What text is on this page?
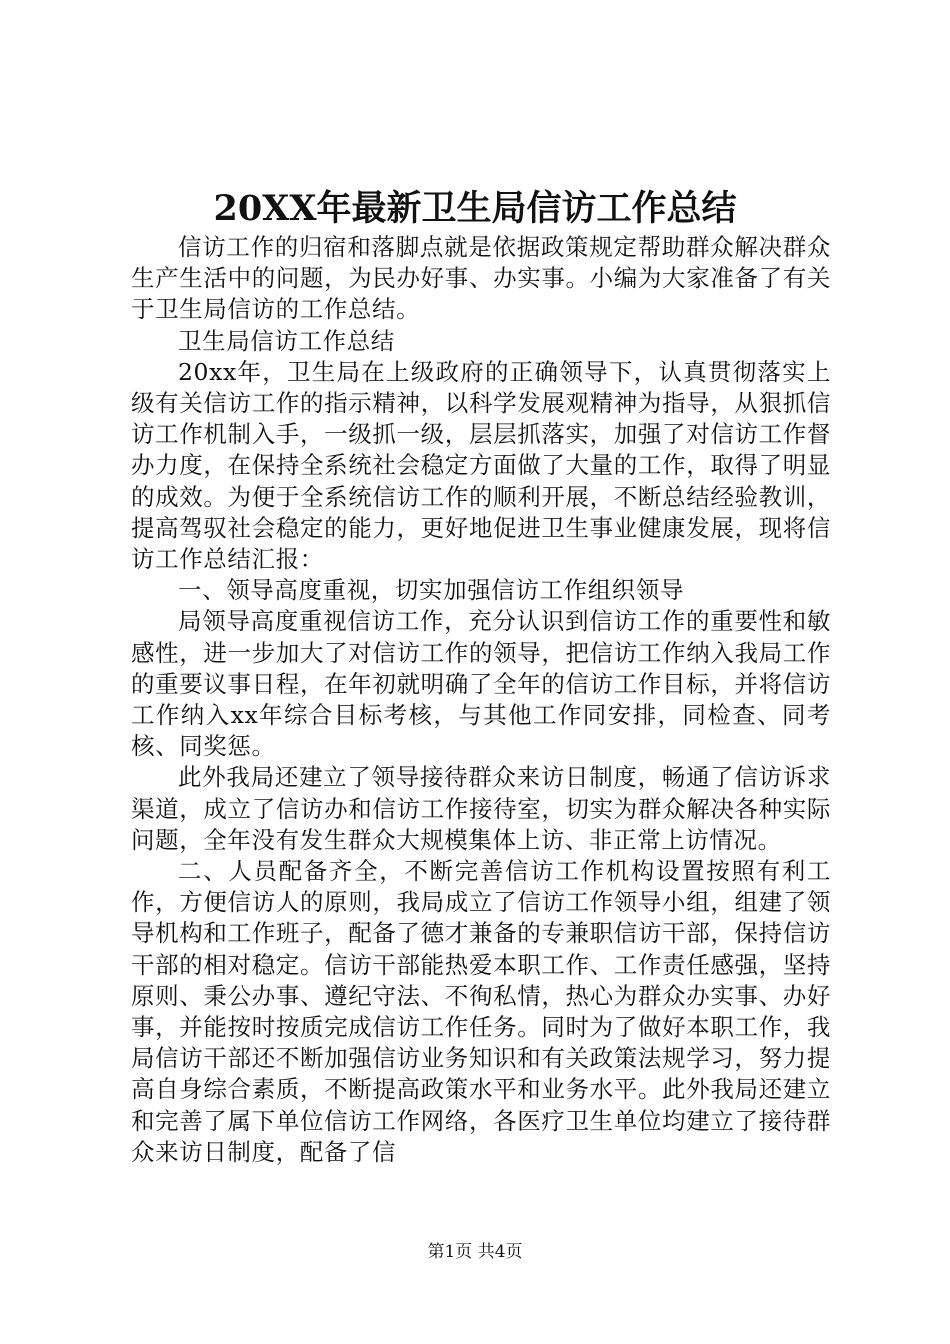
20XX年最新卫生局信访工作总结

信访工作的归宿和落脚点就是依据政策规定帮助群众解决群众生产生活中的问题，为民办好事、办实事。小编为大家准备了有关于卫生局信访的工作总结。

卫生局信访工作总结

20xx年，卫生局在上级政府的正确领导下，认真贯彻落实上级有关信访工作的指示精神，以科学发展观精神为指导，从狠抓信访工作机制入手，一级抓一级，层层抓落实，加强了对信访工作督办力度，在保持全系统社会稳定方面做了大量的工作，取得了明显的成效。为便于全系统信访工作的顺利开展，不断总结经验教训，提高驾驭社会稳定的能力，更好地促进卫生事业健康发展，现将信访工作总结汇报：

一、领导高度重视，切实加强信访工作组织领导

局领导高度重视信访工作，充分认识到信访工作的重要性和敏感性，进一步加大了对信访工作的领导，把信访工作纳入我局工作的重要议事日程，在年初就明确了全年的信访工作目标，并将信访工作纳入xx年综合目标考核，与其他工作同安排，同检查、同考核、同奖惩。

此外我局还建立了领导接待群众来访日制度，畅通了信访诉求渠道，成立了信访办和信访工作接待室，切实为群众解决各种实际问题，全年没有发生群众大规模集体上访、非正常上访情况。

二、人员配备齐全，不断完善信访工作机构设置按照有利工作，方便信访人的原则，我局成立了信访工作领导小组，组建了领导机构和工作班子，配备了德才兼备的专兼职信访干部，保持信访干部的相对稳定。信访干部能热爱本职工作、工作责任感强，坚持原则、秉公办事、遵纪守法、不徇私情，热心为群众办实事、办好事，并能按时按质完成信访工作任务。同时为了做好本职工作，我局信访干部还不断加强信访业务知识和有关政策法规学习，努力提高自身综合素质，不断提高政策水平和业务水平。此外我局还建立和完善了属下单位信访工作网络，各医疗卫生单位均建立了接待群众来访日制度，配备了信

第1页 共4页
